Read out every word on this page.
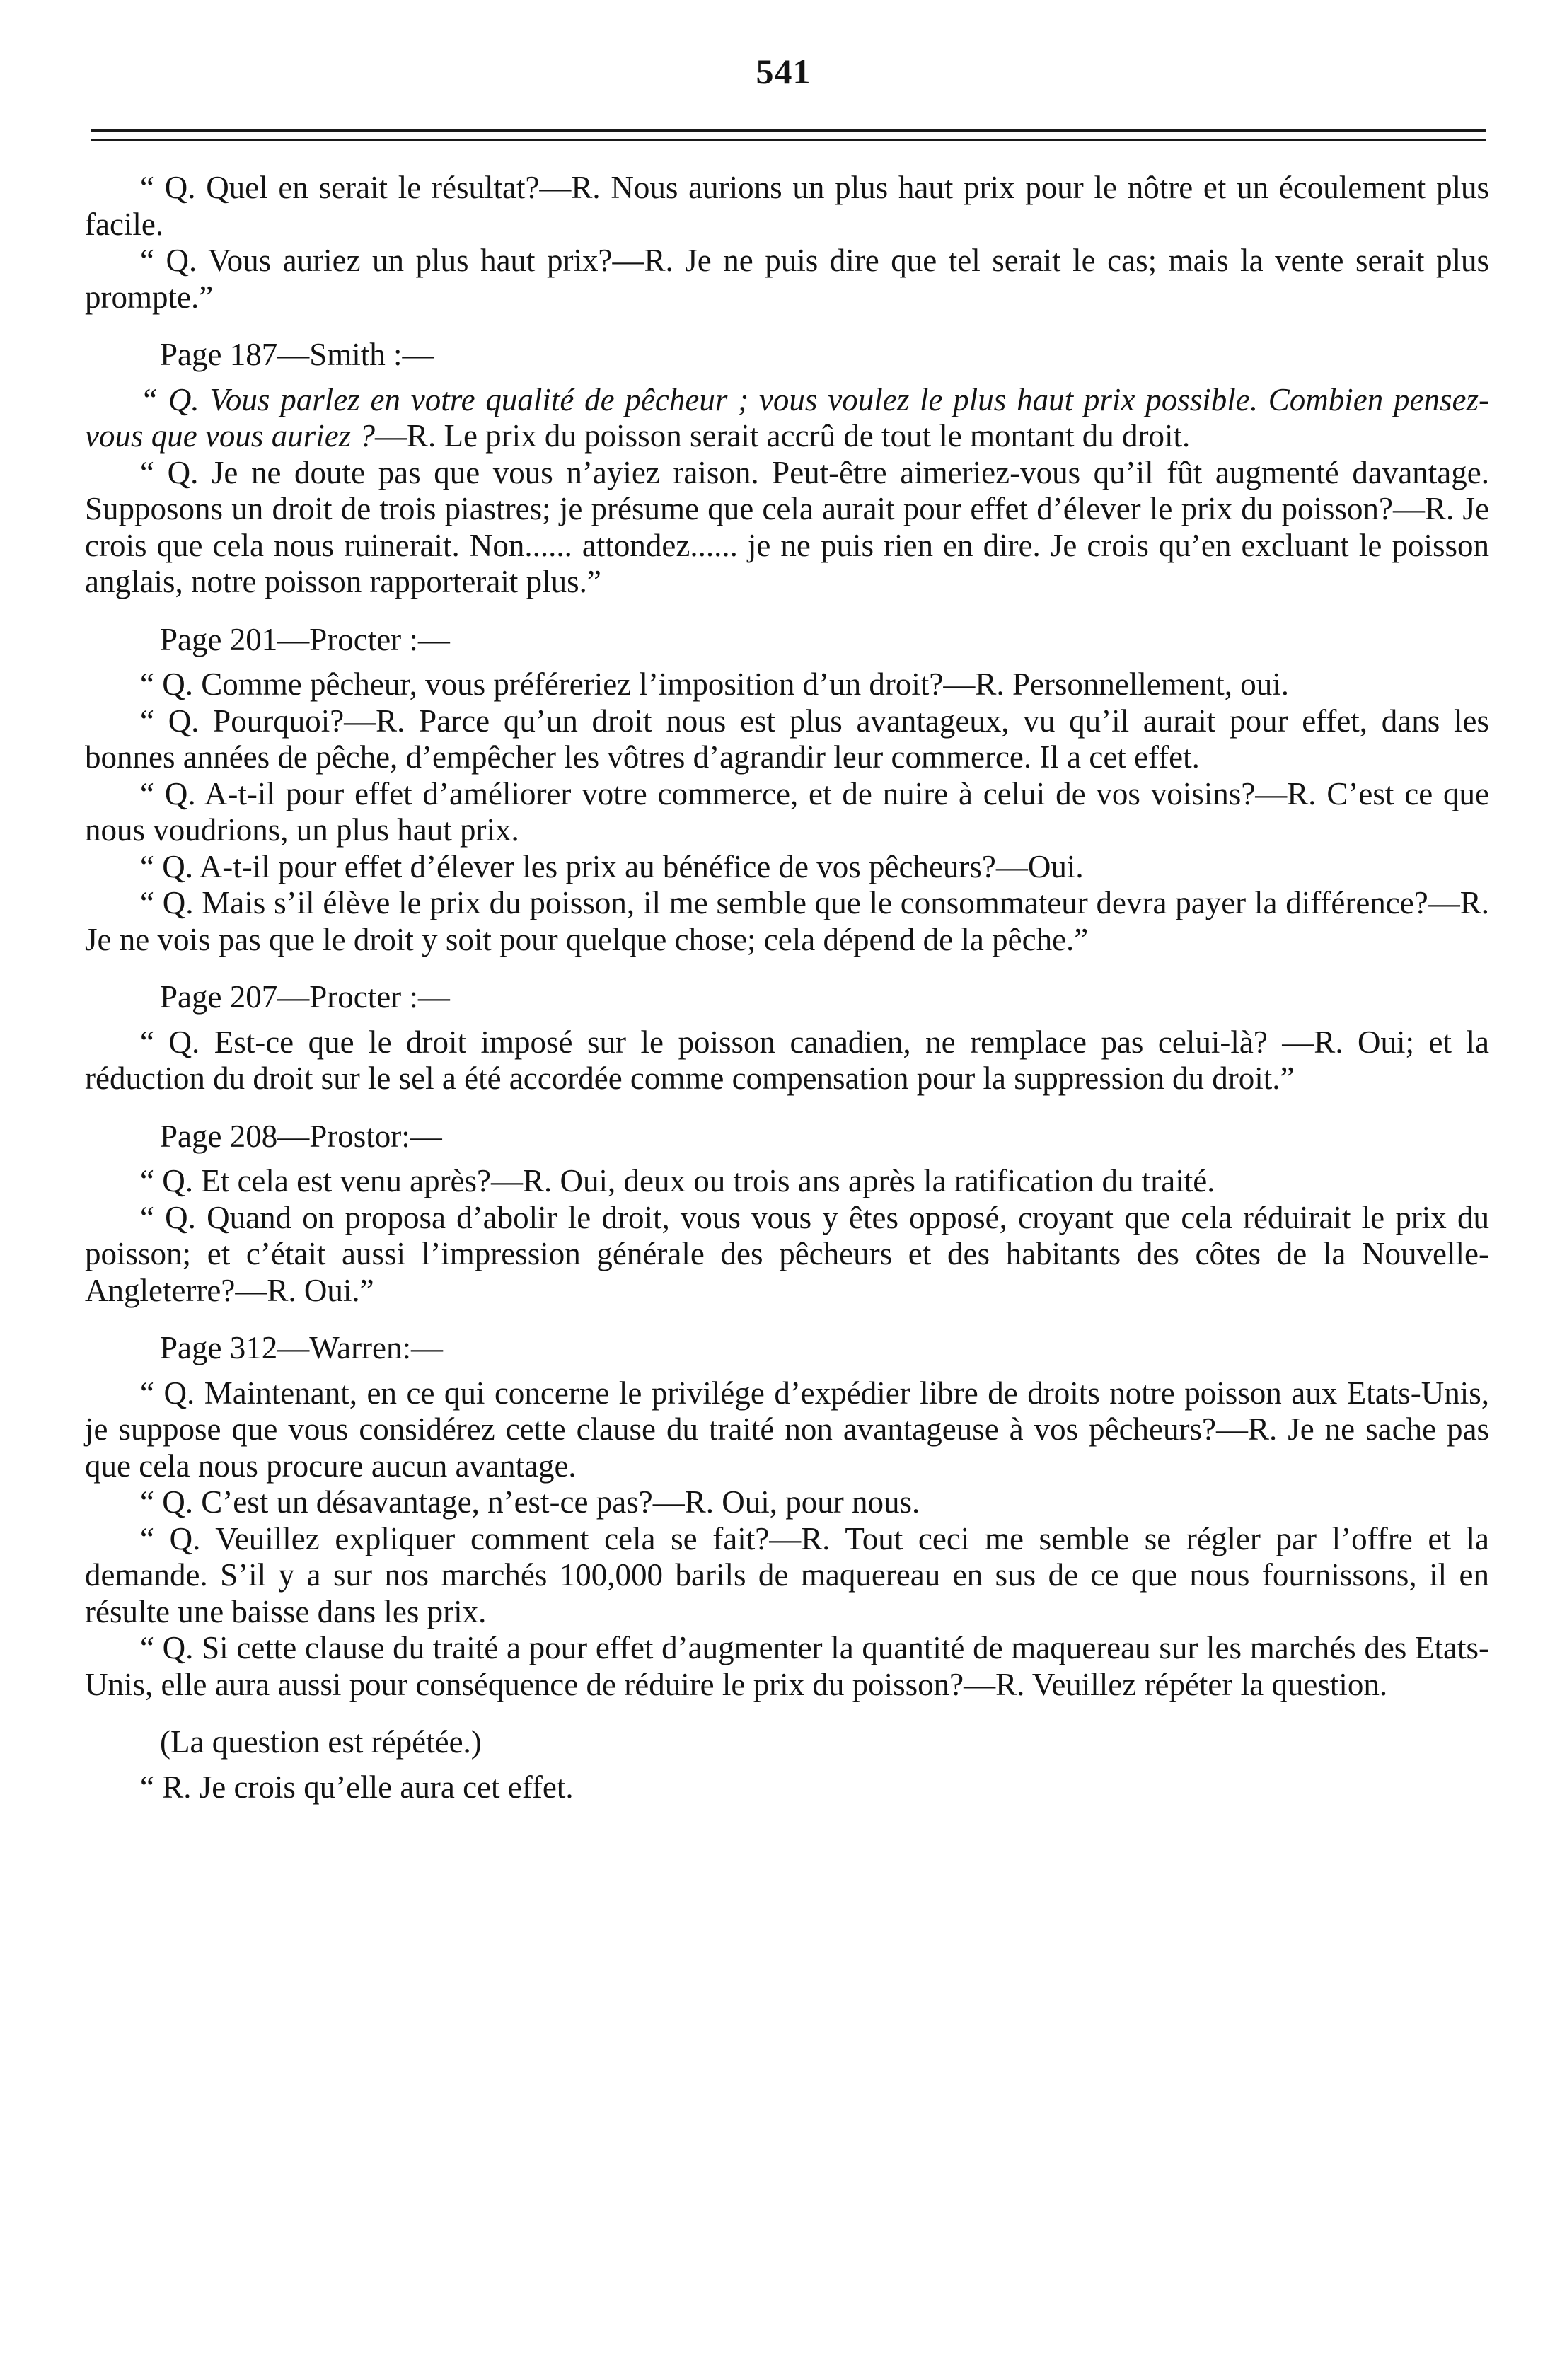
541

“ Q. Quel en serait le résultat?—R. Nous aurions un plus haut prix pour le nôtre et un écoulement plus facile.

“ Q. Vous auriez un plus haut prix?—R. Je ne puis dire que tel serait le cas; mais la vente serait plus prompte.”

Page 187—Smith :—

“ Q. Vous parlez en votre qualité de pêcheur ; vous voulez le plus haut prix possible. Combien pensez-vous que vous auriez ?—R. Le prix du poisson serait accrû de tout le montant du droit.

“ Q. Je ne doute pas que vous n’ayiez raison. Peut-être aimeriez-vous qu’il fût augmenté davantage. Supposons un droit de trois piastres; je présume que cela aurait pour effet d’élever le prix du poisson?—R. Je crois que cela nous ruinerait. Non...... attondez...... je ne puis rien en dire. Je crois qu’en excluant le poisson anglais, notre poisson rapporterait plus.”

Page 201—Procter :—

“ Q. Comme pêcheur, vous préféreriez l’imposition d’un droit?—R. Personnellement, oui.

“ Q. Pourquoi?—R. Parce qu’un droit nous est plus avantageux, vu qu’il aurait pour effet, dans les bonnes années de pêche, d’empêcher les vôtres d’agrandir leur commerce. Il a cet effet.

“ Q. A-t-il pour effet d’améliorer votre commerce, et de nuire à celui de vos voisins?—R. C’est ce que nous voudrions, un plus haut prix.

“ Q. A-t-il pour effet d’élever les prix au bénéfice de vos pêcheurs?—Oui.

“ Q. Mais s’il élève le prix du poisson, il me semble que le consommateur devra payer la différence?—R. Je ne vois pas que le droit y soit pour quelque chose; cela dépend de la pêche.”

Page 207—Procter :—

“ Q. Est-ce que le droit imposé sur le poisson canadien, ne remplace pas celui-là? —R. Oui; et la réduction du droit sur le sel a été accordée comme compensation pour la suppression du droit.”

Page 208—Prostor:—

“ Q. Et cela est venu après?—R. Oui, deux ou trois ans après la ratification du traité.

“ Q. Quand on proposa d’abolir le droit, vous vous y êtes opposé, croyant que cela réduirait le prix du poisson; et c’était aussi l’impression générale des pêcheurs et des habitants des côtes de la Nouvelle-Angleterre?—R. Oui.”

Page 312—Warren:—

“ Q. Maintenant, en ce qui concerne le privilége d’expédier libre de droits notre poisson aux Etats-Unis, je suppose que vous considérez cette clause du traité non avantageuse à vos pêcheurs?—R. Je ne sache pas que cela nous procure aucun avantage.

“ Q. C’est un désavantage, n’est-ce pas?—R. Oui, pour nous.

“ Q. Veuillez expliquer comment cela se fait?—R. Tout ceci me semble se régler par l’offre et la demande. S’il y a sur nos marchés 100,000 barils de maquereau en sus de ce que nous fournissons, il en résulte une baisse dans les prix.

“ Q. Si cette clause du traité a pour effet d’augmenter la quantité de maquereau sur les marchés des Etats-Unis, elle aura aussi pour conséquence de réduire le prix du poisson?—R. Veuillez répéter la question.

(La question est répétée.)

“ R. Je crois qu’elle aura cet effet.
